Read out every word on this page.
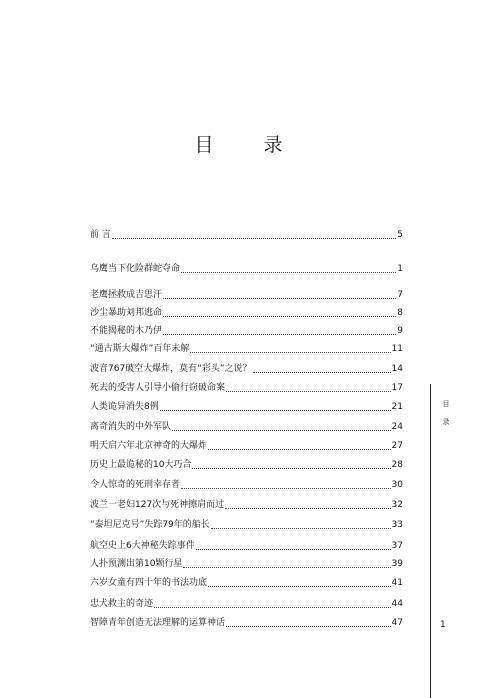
目 录
前 言	5
乌鹰当下化险群蛇夺命	1
老鹰拯救成吉思汗	7
沙尘暴助刘邦逃命	8
不能揭秘的木乃伊	9
“通古斯大爆炸”百年未解	11
波音767破空大爆炸，莫有“彩头”之说？	14
死去的受害人引导小偷行窃破命案	17
人类诡异消失8例	21
离奇消失的中外军队	24
明天启六年北京神奇的大爆炸	27
历史上最诡秘的10大巧合	28
令人惊奇的死刑幸存者	30
波兰一老妇127次与死神擦肩而过	32
“泰坦尼克号”失踪79年的船长	33
航空史上6大神秘失踪事件	37
人扑预测出第10颗行星	39
六岁女童有四十年的书法功底	41
忠犬救主的奇迹	44
智障青年创造无法理解的运算神话	47
目
录
1
